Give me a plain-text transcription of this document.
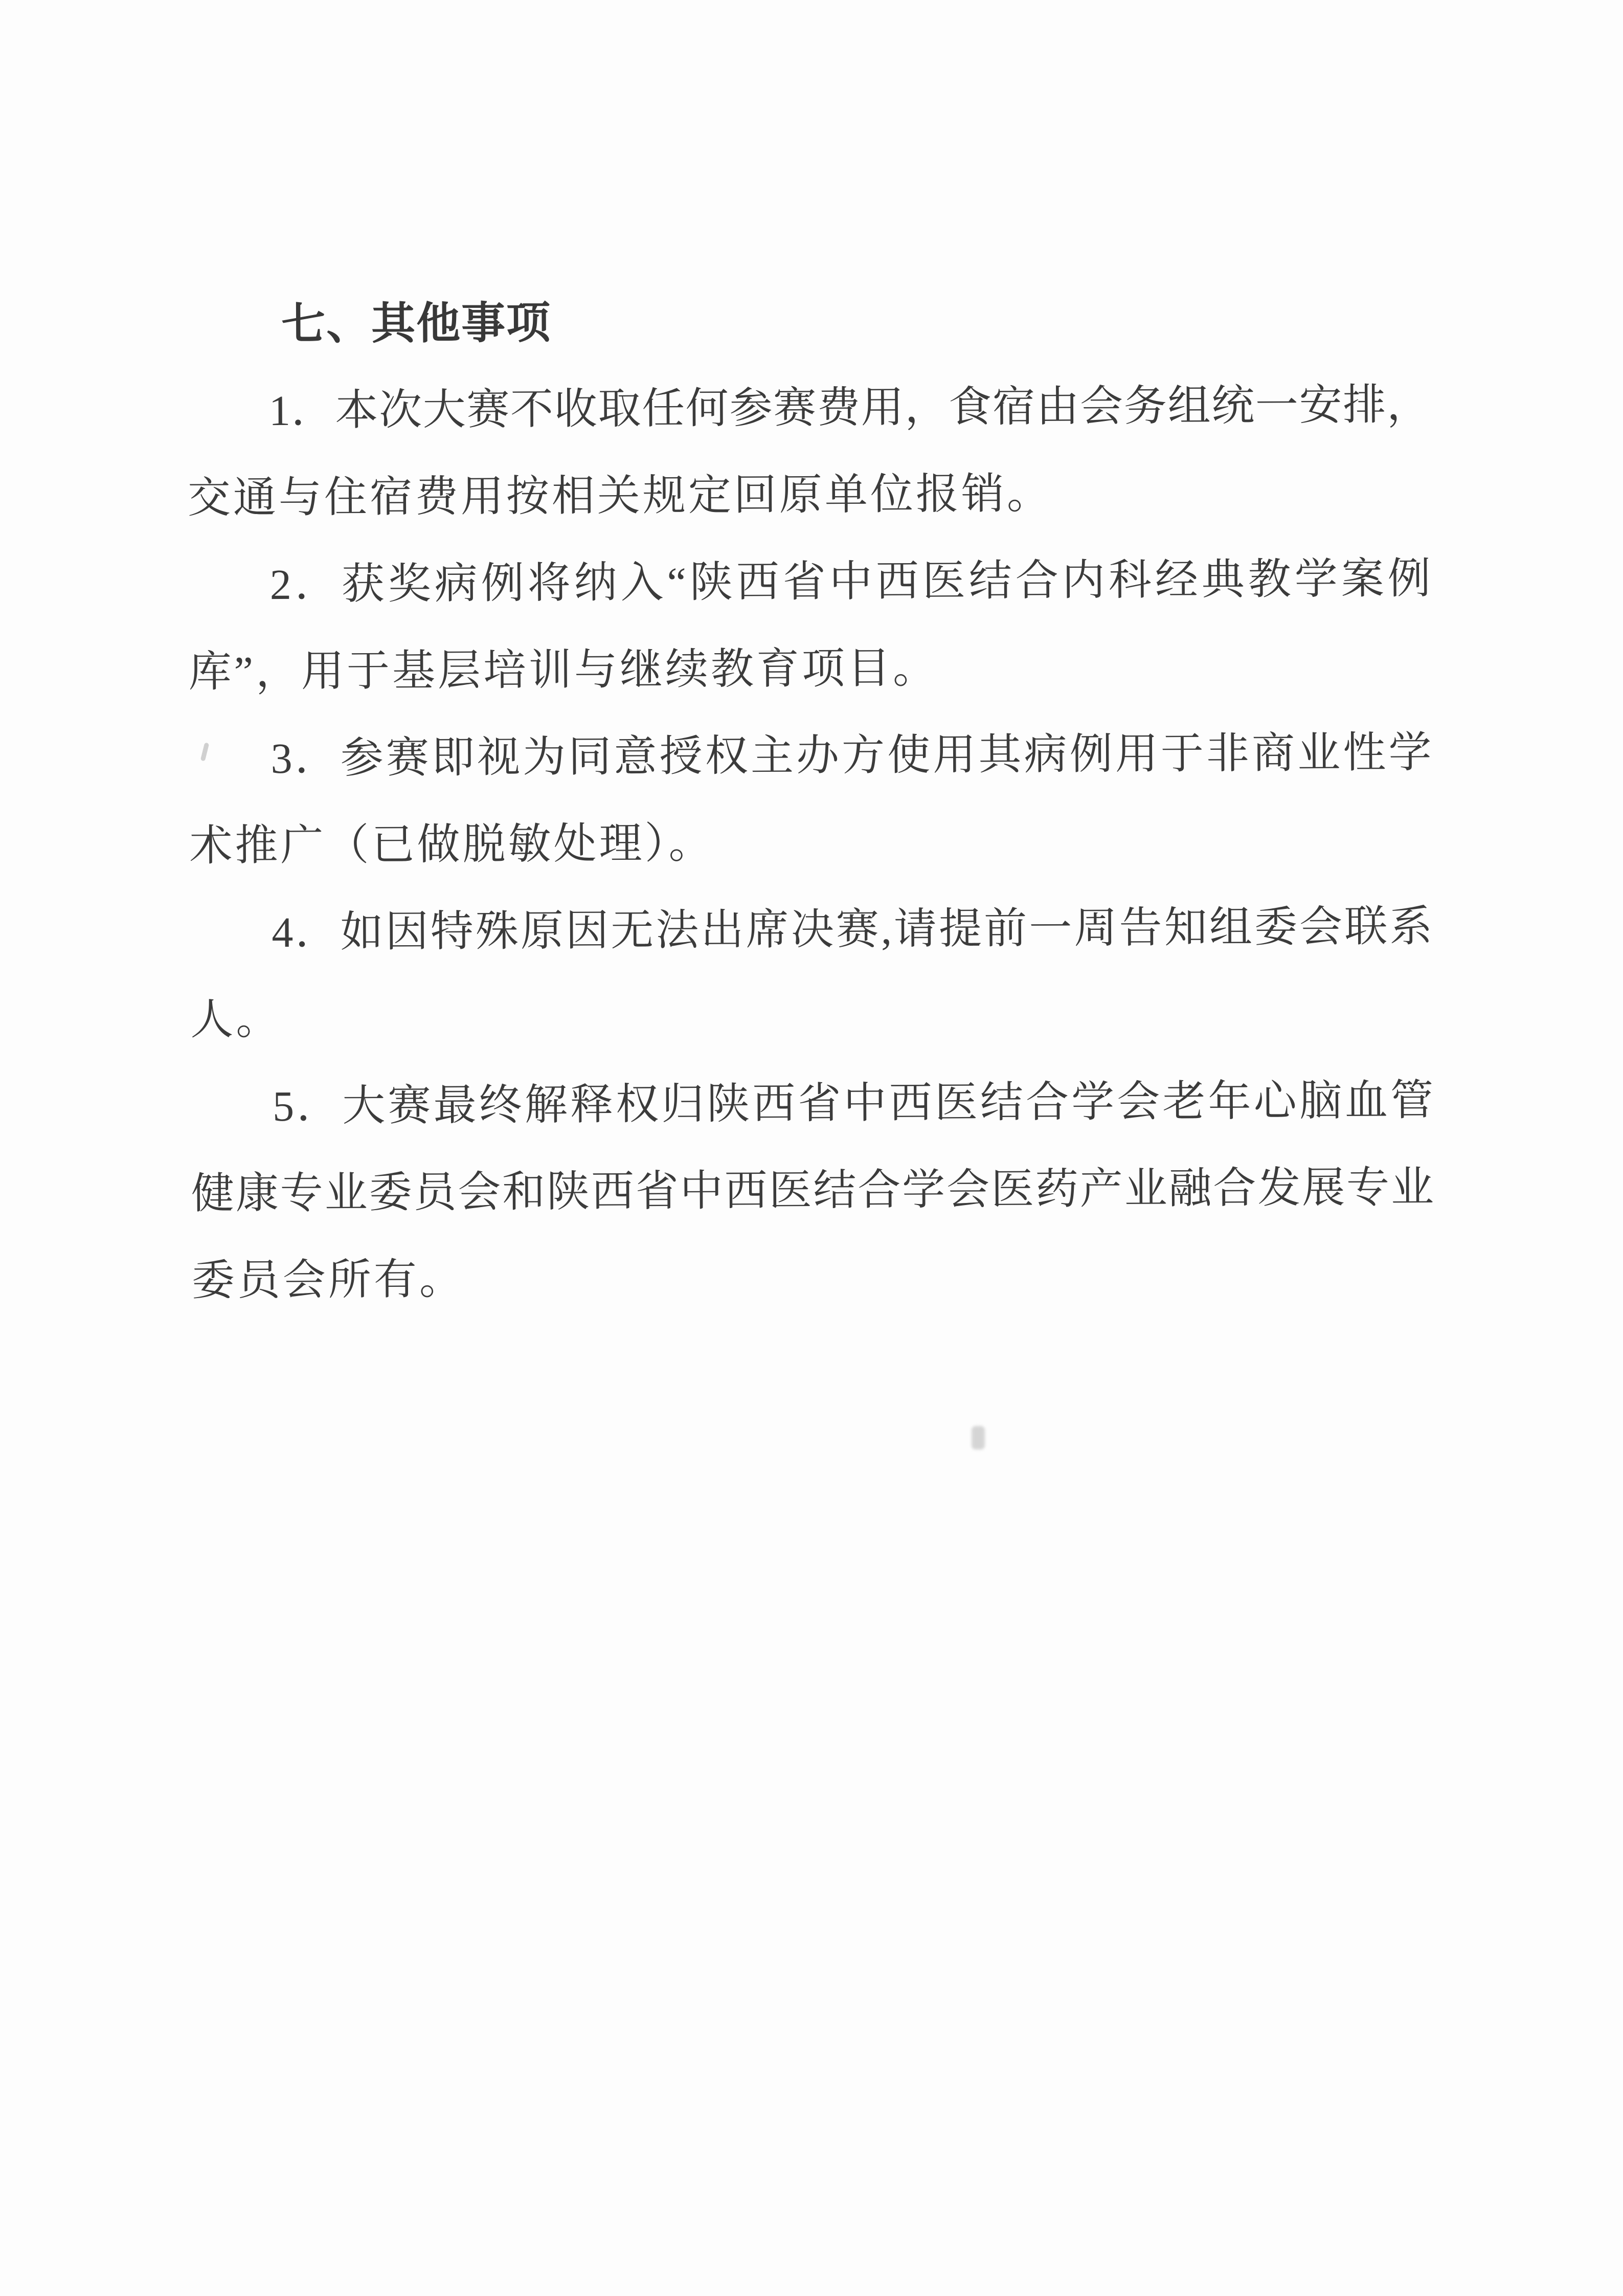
七、其他事项
1．本次大赛不收取任何参赛费用，食宿由会务组统一安排，
交通与住宿费用按相关规定回原单位报销。
2．获奖病例将纳入“陕西省中西医结合内科经典教学案例
库”，用于基层培训与继续教育项目。
3．参赛即视为同意授权主办方使用其病例用于非商业性学
术推广（已做脱敏处理）。
4．如因特殊原因无法出席决赛,请提前一周告知组委会联系
人。
5．大赛最终解释权归陕西省中西医结合学会老年心脑血管
健康专业委员会和陕西省中西医结合学会医药产业融合发展专业
委员会所有。
